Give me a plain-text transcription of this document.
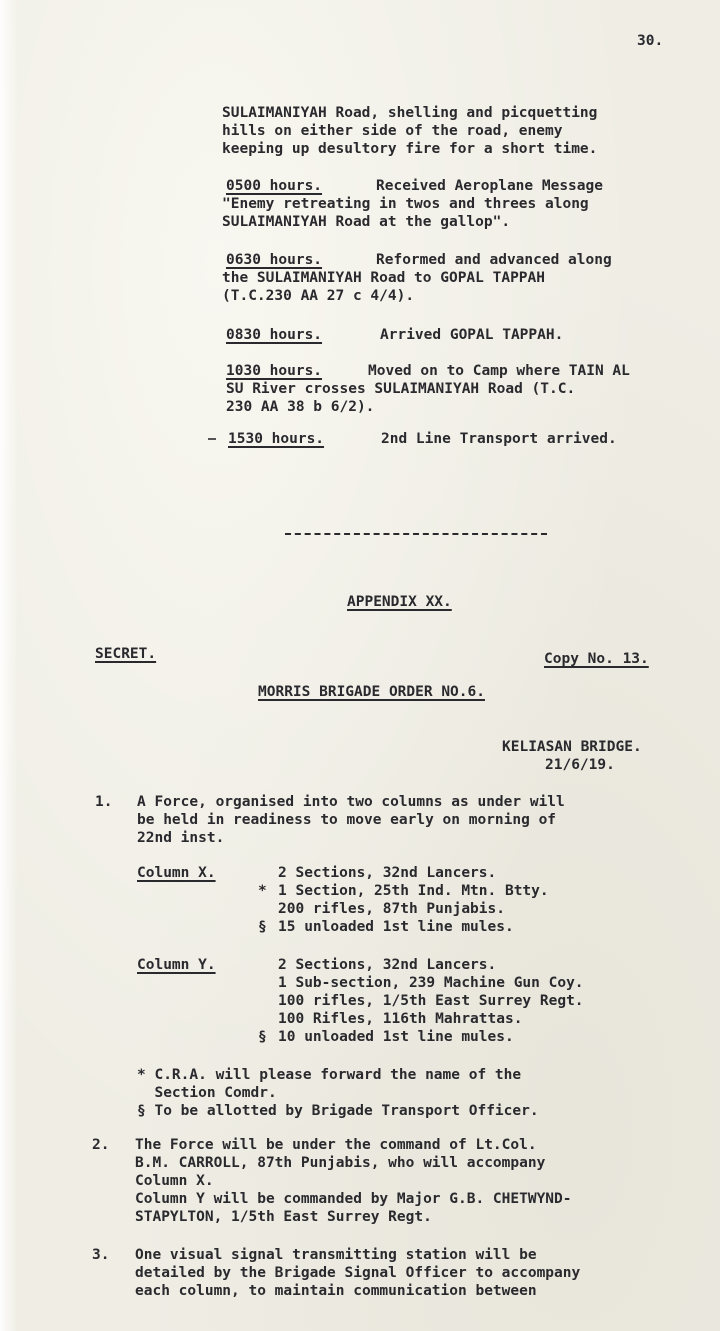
30.
SULAIMANIYAH Road, shelling and picquetting
hills on either side of the road, enemy
keeping up desultory fire for a short time.
0500 hours.	Received Aeroplane Message
"Enemy retreating in twos and threes along
SULAIMANIYAH Road at the gallop".
0630 hours.	Reformed and advanced along
the SULAIMANIYAH Road to GOPAL TAPPAH
(T.C.230 AA 27 c 4/4).
0830 hours.	Arrived GOPAL TAPPAH.
1030 hours.	Moved on to Camp where TAIN AL
SU River crosses SULAIMANIYAH Road (T.C.
230 AA 38 b 6/2).
1530 hours.	2nd Line Transport arrived.
APPENDIX XX.
SECRET.	Copy No. 13.
MORRIS BRIGADE ORDER NO.6.
KELIASAN BRIDGE.
21/6/19.
1. A Force, organised into two columns as under will
be held in readiness to move early on morning of
22nd inst.
Column X.	2 Sections, 32nd Lancers.
* 1 Section, 25th Ind. Mtn. Btty.
200 rifles, 87th Punjabis.
§ 15 unloaded 1st line mules.
Column Y.	2 Sections, 32nd Lancers.
1 Sub-section, 239 Machine Gun Coy.
100 rifles, 1/5th East Surrey Regt.
100 Rifles, 116th Mahrattas.
§ 10 unloaded 1st line mules.
* C.R.A. will please forward the name of the
Section Comdr.
§ To be allotted by Brigade Transport Officer.
2. The Force will be under the command of Lt.Col.
B.M. CARROLL, 87th Punjabis, who will accompany
Column X.
Column Y will be commanded by Major G.B. CHETWYND-
STAPYLTON, 1/5th East Surrey Regt.
3. One visual signal transmitting station will be
detailed by the Brigade Signal Officer to accompany
each column, to maintain communication between
